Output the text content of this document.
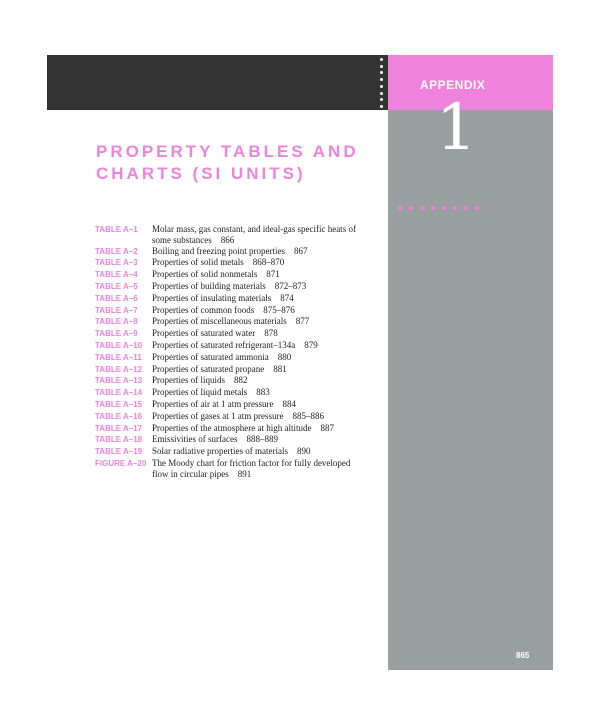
APPENDIX
1
865
PROPERTY TABLES AND
CHARTS (SI UNITS)
TABLE A–1	Molar mass, gas constant, and ideal-gas specific heats of
some substances 866
TABLE A–2	Boiling and freezing point properties 867
TABLE A–3	Properties of solid metals 868–870
TABLE A–4	Properties of solid nonmetals 871
TABLE A–5	Properties of building materials 872–873
TABLE A–6	Properties of insulating materials 874
TABLE A–7	Properties of common foods 875–876
TABLE A–8	Properties of miscellaneous materials 877
TABLE A–9	Properties of saturated water 878
TABLE A–10	Properties of saturated refrigerant–134a 879
TABLE A–11	Properties of saturated ammonia 880
TABLE A–12	Properties of saturated propane 881
TABLE A–13	Properties of liquids 882
TABLE A–14	Properties of liquid metals 883
TABLE A–15	Properties of air at 1 atm pressure 884
TABLE A–16	Properties of gases at 1 atm pressure 885–886
TABLE A–17	Properties of the atmosphere at high altitude 887
TABLE A–18	Emissivities of surfaces 888–889
TABLE A–19	Solar radiative properties of materials 890
FIGURE A–20 The Moody chart for friction factor for fully developed
flow in circular pipes 891
